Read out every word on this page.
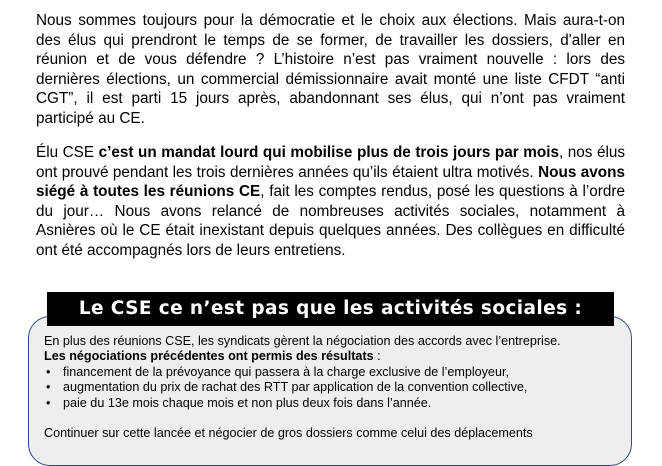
Nous sommes toujours pour la démocratie et le choix aux élections. Mais aura-t-on des élus qui prendront le temps de se former, de travailler les dossiers, d'aller en réunion et de vous défendre ? L’histoire n’est pas vraiment nouvelle : lors des dernières élections, un commercial démissionnaire avait monté une liste CFDT “anti CGT”, il est parti 15 jours après, abandonnant ses élus, qui n’ont pas vraiment participé au CE.

Élu CSE c’est un mandat lourd qui mobilise plus de trois jours par mois, nos élus ont prouvé pendant les trois dernières années qu’ils étaient ultra motivés. Nous avons siégé à toutes les réunions CE, fait les comptes rendus, posé les questions à l’ordre du jour… Nous avons relancé de nombreuses activités sociales, notamment à Asnières où le CE était inexistant depuis quelques années. Des collègues en difficulté ont été accompagnés lors de leurs entretiens.

Le CSE ce n’est pas que les activités sociales :

En plus des réunions CSE, les syndicats gèrent la négociation des accords avec l’entreprise.

Les négociations précédentes ont permis des résultats :

• financement de la prévoyance qui passera à la charge exclusive de l’employeur,
• augmentation du prix de rachat des RTT par application de la convention collective,
• paie du 13e mois chaque mois et non plus deux fois dans l’année.

Continuer sur cette lancée et négocier de gros dossiers comme celui des déplacements
